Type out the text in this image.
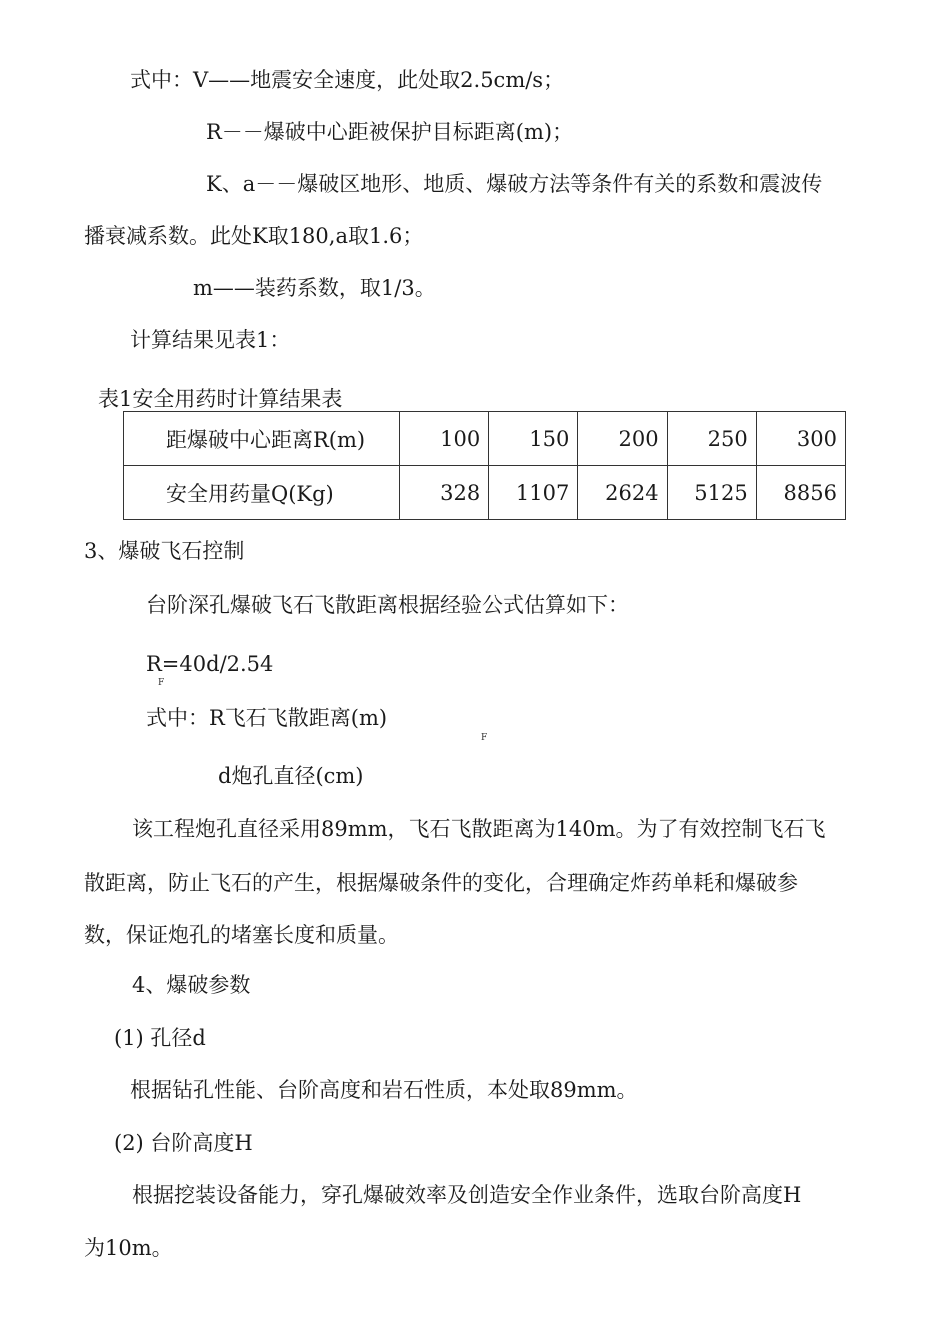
式中：V——地震安全速度，此处取2.5cm/s；
R－－爆破中心距被保护目标距离(m)；
K、a－－爆破区地形、地质、爆破方法等条件有关的系数和震波传
播衰减系数。此处K取180,a取1.6；
m——装药系数，取1/3。
计算结果见表1：
表1安全用药时计算结果表
距爆破中心距离R(m)	100	150	200	250	300
安全用药量Q(Kg)	328	1107	2624	5125	8856
3、爆破飞石控制
台阶深孔爆破飞石飞散距离根据经验公式估算如下：
R=40d/2.54
F
式中：R飞石飞散距离(m)
F
d炮孔直径(cm)
该工程炮孔直径采用89mm，飞石飞散距离为140m。为了有效控制飞石飞
散距离，防止飞石的产生，根据爆破条件的变化，合理确定炸药单耗和爆破参
数，保证炮孔的堵塞长度和质量。
4、爆破参数
(1) 孔径d
根据钻孔性能、台阶高度和岩石性质，本处取89mm。
(2) 台阶高度H
根据挖装设备能力，穿孔爆破效率及创造安全作业条件，选取台阶高度H
为10m。
